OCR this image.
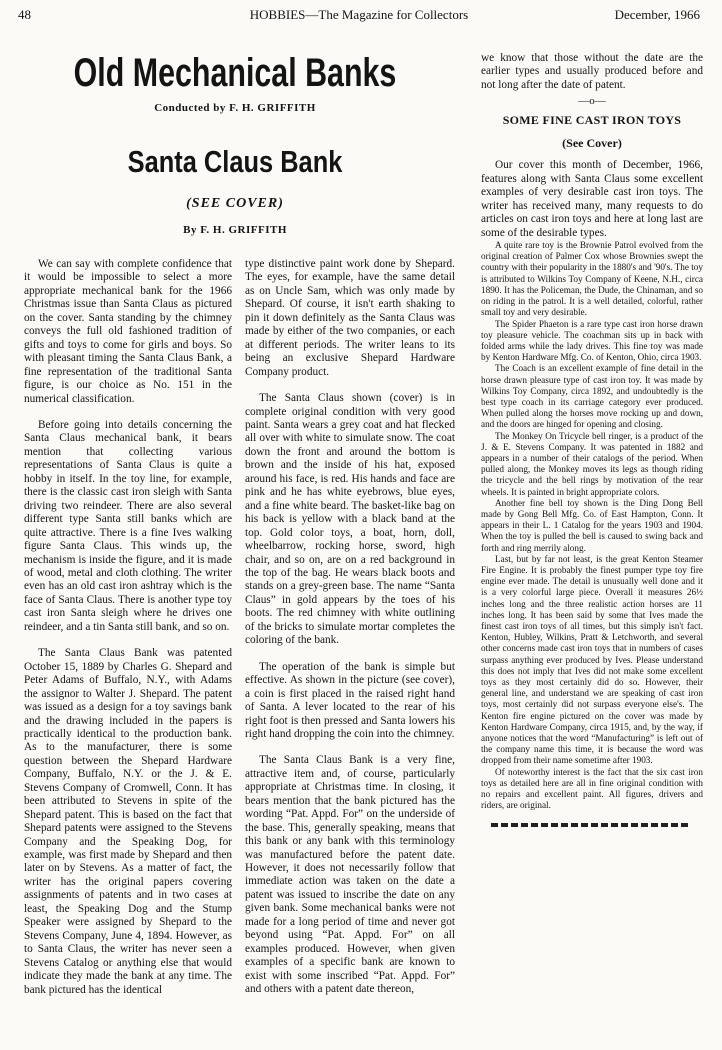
48	HOBBIES—The Magazine for Collectors	December, 1966
Old Mechanical Banks
Conducted by F. H. GRIFFITH
Santa Claus Bank
(SEE COVER)
By F. H. GRIFFITH

We can say with complete confidence that it would be impossible to select a more appropriate mechanical bank for the 1966 Christmas issue than Santa Claus as pictured on the cover. Santa standing by the chimney conveys the full old fashioned tradition of gifts and toys to come for girls and boys. So with pleasant timing the Santa Claus Bank, a fine representation of the traditional Santa figure, is our choice as No. 151 in the numerical classification.

Before going into details concerning the Santa Claus mechanical bank, it bears mention that collecting various representations of Santa Claus is quite a hobby in itself. In the toy line, for example, there is the classic cast iron sleigh with Santa driving two reindeer. There are also several different type Santa still banks which are quite attractive. There is a fine Ives walking figure Santa Claus. This winds up, the mechanism is inside the figure, and it is made of wood, metal and cloth clothing. The writer even has an old cast iron ashtray which is the face of Santa Claus. There is another type toy cast iron Santa sleigh where he drives one reindeer, and a tin Santa still bank, and so on.

The Santa Claus Bank was patented October 15, 1889 by Charles G. Shepard and Peter Adams of Buffalo, N.Y., with Adams the assignor to Walter J. Shepard. The patent was issued as a design for a toy savings bank and the drawing included in the papers is practically identical to the production bank. As to the manufacturer, there is some question between the Shepard Hardware Company, Buffalo, N.Y. or the J. & E. Stevens Company of Cromwell, Conn. It has been attributed to Stevens in spite of the Shepard patent. This is based on the fact that Shepard patents were assigned to the Stevens Company and the Speaking Dog, for example, was first made by Shepard and then later on by Stevens. As a matter of fact, the writer has the original papers covering assignments of patents and in two cases at least, the Speaking Dog and the Stump Speaker were assigned by Shepard to the Stevens Company, June 4, 1894. However, as to Santa Claus, the writer has never seen a Stevens Catalog or anything else that would indicate they made the bank at any time. The bank pictured has the identical

type distinctive paint work done by Shepard. The eyes, for example, have the same detail as on Uncle Sam, which was only made by Shepard. Of course, it isn't earth shaking to pin it down definitely as the Santa Claus was made by either of the two companies, or each at different periods. The writer leans to its being an exclusive Shepard Hardware Company product.

The Santa Claus shown (cover) is in complete original condition with very good paint. Santa wears a grey coat and hat flecked all over with white to simulate snow. The coat down the front and around the bottom is brown and the inside of his hat, exposed around his face, is red. His hands and face are pink and he has white eyebrows, blue eyes, and a fine white beard. The basket-like bag on his back is yellow with a black band at the top. Gold color toys, a boat, horn, doll, wheelbarrow, rocking horse, sword, high chair, and so on, are on a red background in the top of the bag. He wears black boots and stands on a grey-green base. The name “Santa Claus” in gold appears by the toes of his boots. The red chimney with white outlining of the bricks to simulate mortar completes the coloring of the bank.

The operation of the bank is simple but effective. As shown in the picture (see cover), a coin is first placed in the raised right hand of Santa. A lever located to the rear of his right foot is then pressed and Santa lowers his right hand dropping the coin into the chimney.

The Santa Claus Bank is a very fine, attractive item and, of course, particularly appropriate at Christmas time. In closing, it bears mention that the bank pictured has the wording “Pat. Appd. For” on the underside of the base. This, generally speaking, means that this bank or any bank with this terminology was manufactured before the patent date. However, it does not necessarily follow that immediate action was taken on the date a patent was issued to inscribe the date on any given bank. Some mechanical banks were not made for a long period of time and never got beyond using “Pat. Appd. For” on all examples produced. However, when given examples of a specific bank are known to exist with some inscribed “Pat. Appd. For” and others with a patent date thereon,

we know that those without the date are the earlier types and usually produced before and not long after the date of patent.

—o—
SOME FINE CAST IRON TOYS
(See Cover)

Our cover this month of December, 1966, features along with Santa Claus some excellent examples of very desirable cast iron toys. The writer has received many, many requests to do articles on cast iron toys and here at long last are some of the desirable types.

A quite rare toy is the Brownie Patrol evolved from the original creation of Palmer Cox whose Brownies swept the country with their popularity in the 1880's and '90's. The toy is attributed to Wilkins Toy Company of Keene, N.H., circa 1890. It has the Policeman, the Dude, the Chinaman, and so on riding in the patrol. It is a well detailed, colorful, rather small toy and very desirable.

The Spider Phaeton is a rare type cast iron horse drawn toy pleasure vehicle. The coachman sits up in back with folded arms while the lady drives. This fine toy was made by Kenton Hardware Mfg. Co. of Kenton, Ohio, circa 1903.

The Coach is an excellent example of fine detail in the horse drawn pleasure type of cast iron toy. It was made by Wilkins Toy Company, circa 1892, and undoubtedly is the best type coach in its carriage category ever produced. When pulled along the horses move rocking up and down, and the doors are hinged for opening and closing.

The Monkey On Tricycle bell ringer, is a product of the J. & E. Stevens Company. It was patented in 1882 and appears in a number of their catalogs of the period. When pulled along, the Monkey moves its legs as though riding the tricycle and the bell rings by motivation of the rear wheels. It is painted in bright appropriate colors.

Another fine bell toy shown is the Ding Dong Bell made by Gong Bell Mfg. Co. of East Hampton, Conn. It appears in their L. 1 Catalog for the years 1903 and 1904. When the toy is pulled the bell is caused to swing back and forth and ring merrily along.

Last, but by far not least, is the great Kenton Steamer Fire Engine. It is probably the finest pumper type toy fire engine ever made. The detail is unusually well done and it is a very colorful large piece. Overall it measures 26½ inches long and the three realistic action horses are 11 inches long. It has been said by some that Ives made the finest cast iron toys of all times, but this simply isn't fact. Kenton, Hubley, Wilkins, Pratt & Letchworth, and several other concerns made cast iron toys that in numbers of cases surpass anything ever produced by Ives. Please understand this does not imply that Ives did not make some excellent toys as they most certainly did do so. However, their general line, and understand we are speaking of cast iron toys, most certainly did not surpass everyone else's. The Kenton fire engine pictured on the cover was made by Kenton Hardware Company, circa 1915, and, by the way, if anyone notices that the word “Manufacturing” is left out of the company name this time, it is because the word was dropped from their name sometime after 1903.

Of noteworthy interest is the fact that the six cast iron toys as detailed here are all in fine original condition with no repairs and excellent paint. All figures, drivers and riders, are original.
